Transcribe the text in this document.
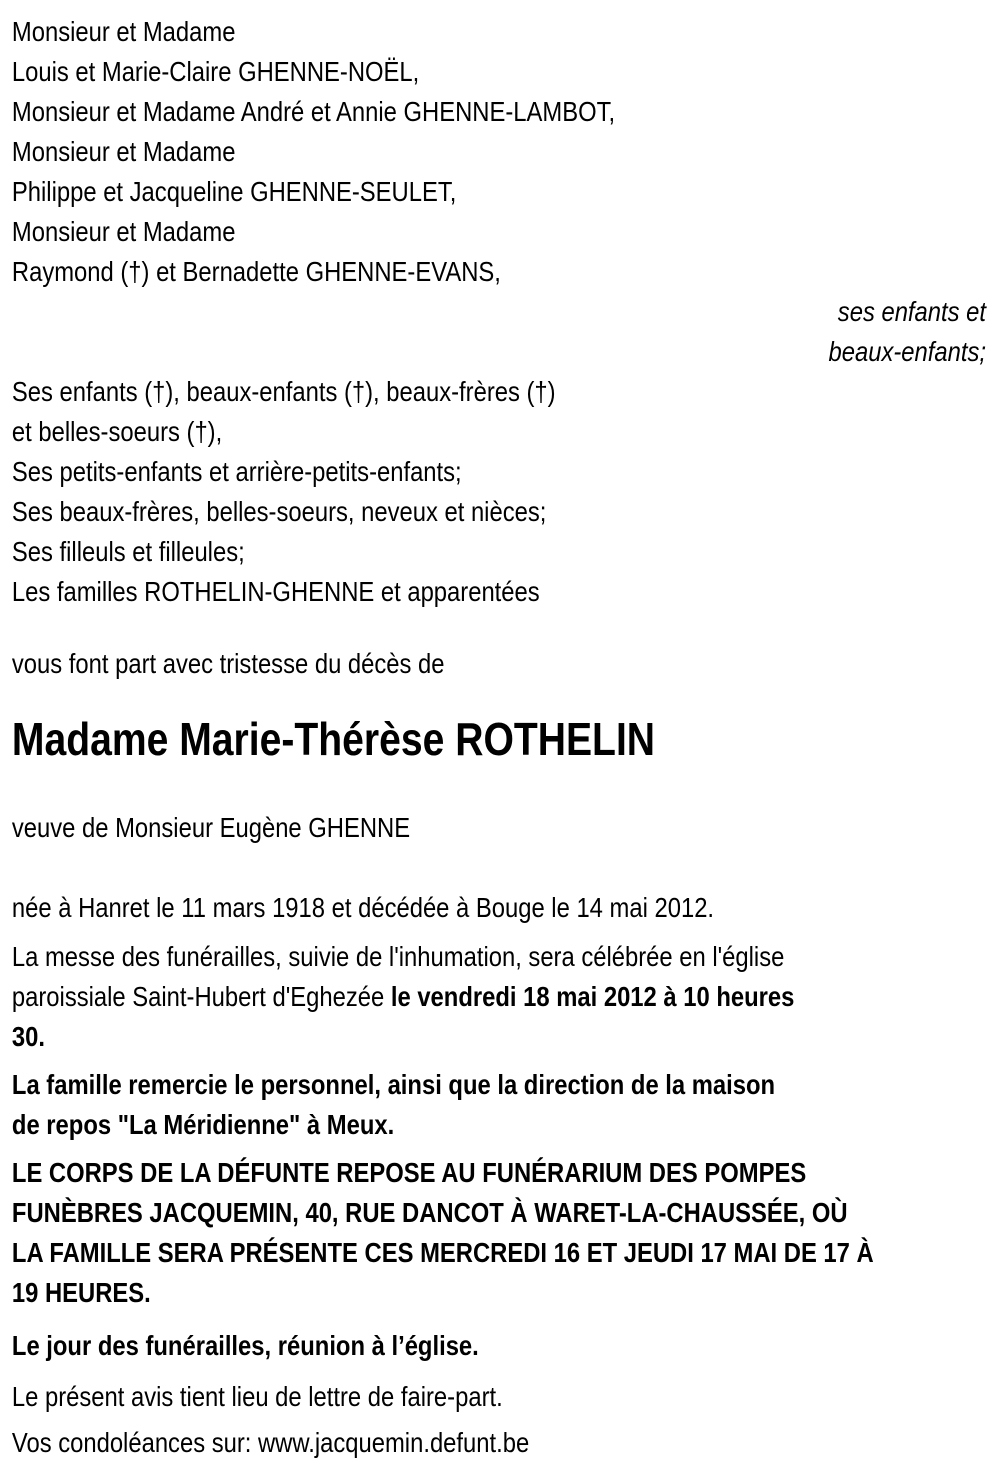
Monsieur et Madame
Louis et Marie-Claire GHENNE-NOËL,
Monsieur et Madame André et Annie GHENNE-LAMBOT,
Monsieur et Madame
Philippe et Jacqueline GHENNE-SEULET,
Monsieur et Madame
Raymond (†) et Bernadette GHENNE-EVANS,
ses enfants et
beaux-enfants;
Ses enfants (†), beaux-enfants (†), beaux-frères (†)
et belles-soeurs (†),
Ses petits-enfants et arrière-petits-enfants;
Ses beaux-frères, belles-soeurs, neveux et nièces;
Ses filleuls et filleules;
Les familles ROTHELIN-GHENNE et apparentées
vous font part avec tristesse du décès de
Madame Marie-Thérèse ROTHELIN
veuve de Monsieur Eugène GHENNE
née à Hanret le 11 mars 1918 et décédée à Bouge le 14 mai 2012.
La messe des funérailles, suivie de l'inhumation, sera célébrée en l'église
paroissiale Saint-Hubert d'Eghezée le vendredi 18 mai 2012 à 10 heures
30.
La famille remercie le personnel, ainsi que la direction de la maison
de repos "La Méridienne" à Meux.
LE CORPS DE LA DÉFUNTE REPOSE AU FUNÉRARIUM DES POMPES
FUNÈBRES JACQUEMIN, 40, RUE DANCOT À WARET-LA-CHAUSSÉE, OÙ
LA FAMILLE SERA PRÉSENTE CES MERCREDI 16 ET JEUDI 17 MAI DE 17 À
19 HEURES.
Le jour des funérailles, réunion à l’église.
Le présent avis tient lieu de lettre de faire-part.
Vos condoléances sur: www.jacquemin.defunt.be
